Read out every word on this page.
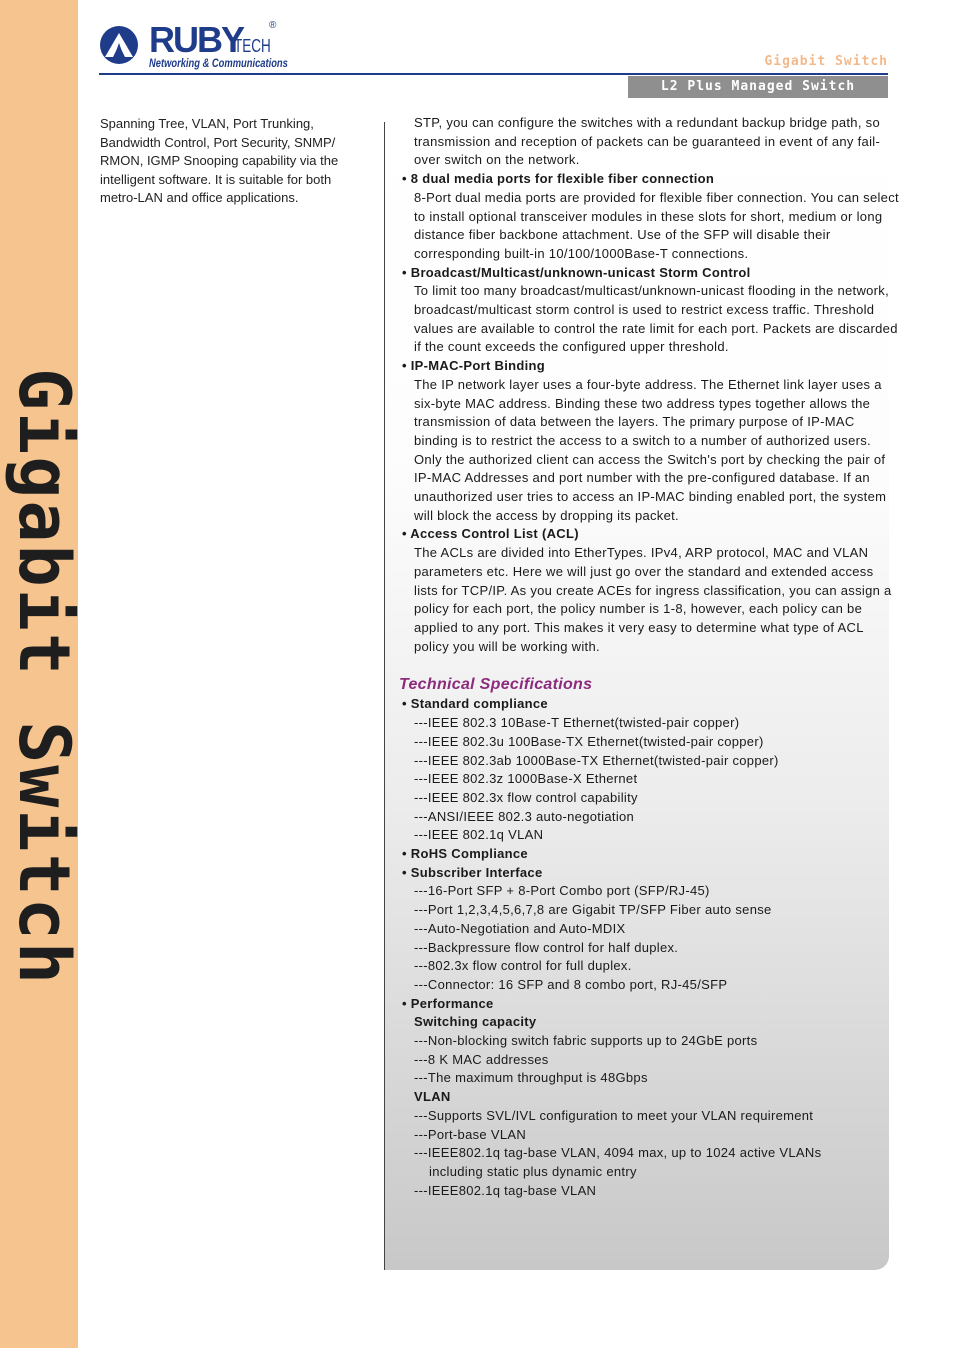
Gigabit Switch
RUBY
TECH
®
Networking & Communications	Gigabit Switch
L2 Plus Managed Switch

Spanning Tree, VLAN, Port Trunking, Bandwidth Control, Port Security, SNMP/ RMON, IGMP Snooping capability via the intelligent software. It is suitable for both metro-LAN and office applications.

STP, you can configure the switches with a redundant backup bridge path, so transmission and reception of packets can be guaranteed in event of any fail-over switch on the network.

• 8 dual media ports for flexible fiber connection

8-Port dual media ports are provided for flexible fiber connection. You can select to install optional transceiver modules in these slots for short, medium or long distance fiber backbone attachment. Use of the SFP will disable their corresponding built-in 10/100/1000Base-T connections.

• Broadcast/Multicast/unknown-unicast Storm Control

To limit too many broadcast/multicast/unknown-unicast flooding in the network, broadcast/multicast storm control is used to restrict excess traffic. Threshold values are available to control the rate limit for each port. Packets are discarded if the count exceeds the configured upper threshold.

• IP-MAC-Port Binding

The IP network layer uses a four-byte address. The Ethernet link layer uses a six-byte MAC address. Binding these two address types together allows the transmission of data between the layers. The primary purpose of IP-MAC binding is to restrict the access to a switch to a number of authorized users. Only the authorized client can access the Switch's port by checking the pair of IP-MAC Addresses and port number with the pre-configured database. If an unauthorized user tries to access an IP-MAC binding enabled port, the system will block the access by dropping its packet.

• Access Control List (ACL)

The ACLs are divided into EtherTypes. IPv4, ARP protocol, MAC and VLAN parameters etc. Here we will just go over the standard and extended access lists for TCP/IP. As you create ACEs for ingress classification, you can assign a policy for each port, the policy number is 1-8, however, each policy can be applied to any port. This makes it very easy to determine what type of ACL policy you will be working with.

Technical Specifications

• Standard compliance

---IEEE 802.3 10Base-T Ethernet(twisted-pair copper)

---IEEE 802.3u 100Base-TX Ethernet(twisted-pair copper)

---IEEE 802.3ab 1000Base-TX Ethernet(twisted-pair copper)

---IEEE 802.3z 1000Base-X Ethernet

---IEEE 802.3x flow control capability

---ANSI/IEEE 802.3 auto-negotiation

---IEEE 802.1q VLAN

• RoHS Compliance

• Subscriber Interface

---16-Port SFP + 8-Port Combo port (SFP/RJ-45)

---Port 1,2,3,4,5,6,7,8 are Gigabit TP/SFP Fiber auto sense

---Auto-Negotiation and Auto-MDIX

---Backpressure flow control for half duplex.

---802.3x flow control for full duplex.

---Connector: 16 SFP and 8 combo port, RJ-45/SFP

• Performance

Switching capacity

---Non-blocking switch fabric supports up to 24GbE ports

---8 K MAC addresses

---The maximum throughput is 48Gbps

VLAN

---Supports SVL/IVL configuration to meet your VLAN requirement

---Port-base VLAN

---IEEE802.1q tag-base VLAN, 4094 max, up to 1024 active VLANs

including static plus dynamic entry

---IEEE802.1q tag-base VLAN
